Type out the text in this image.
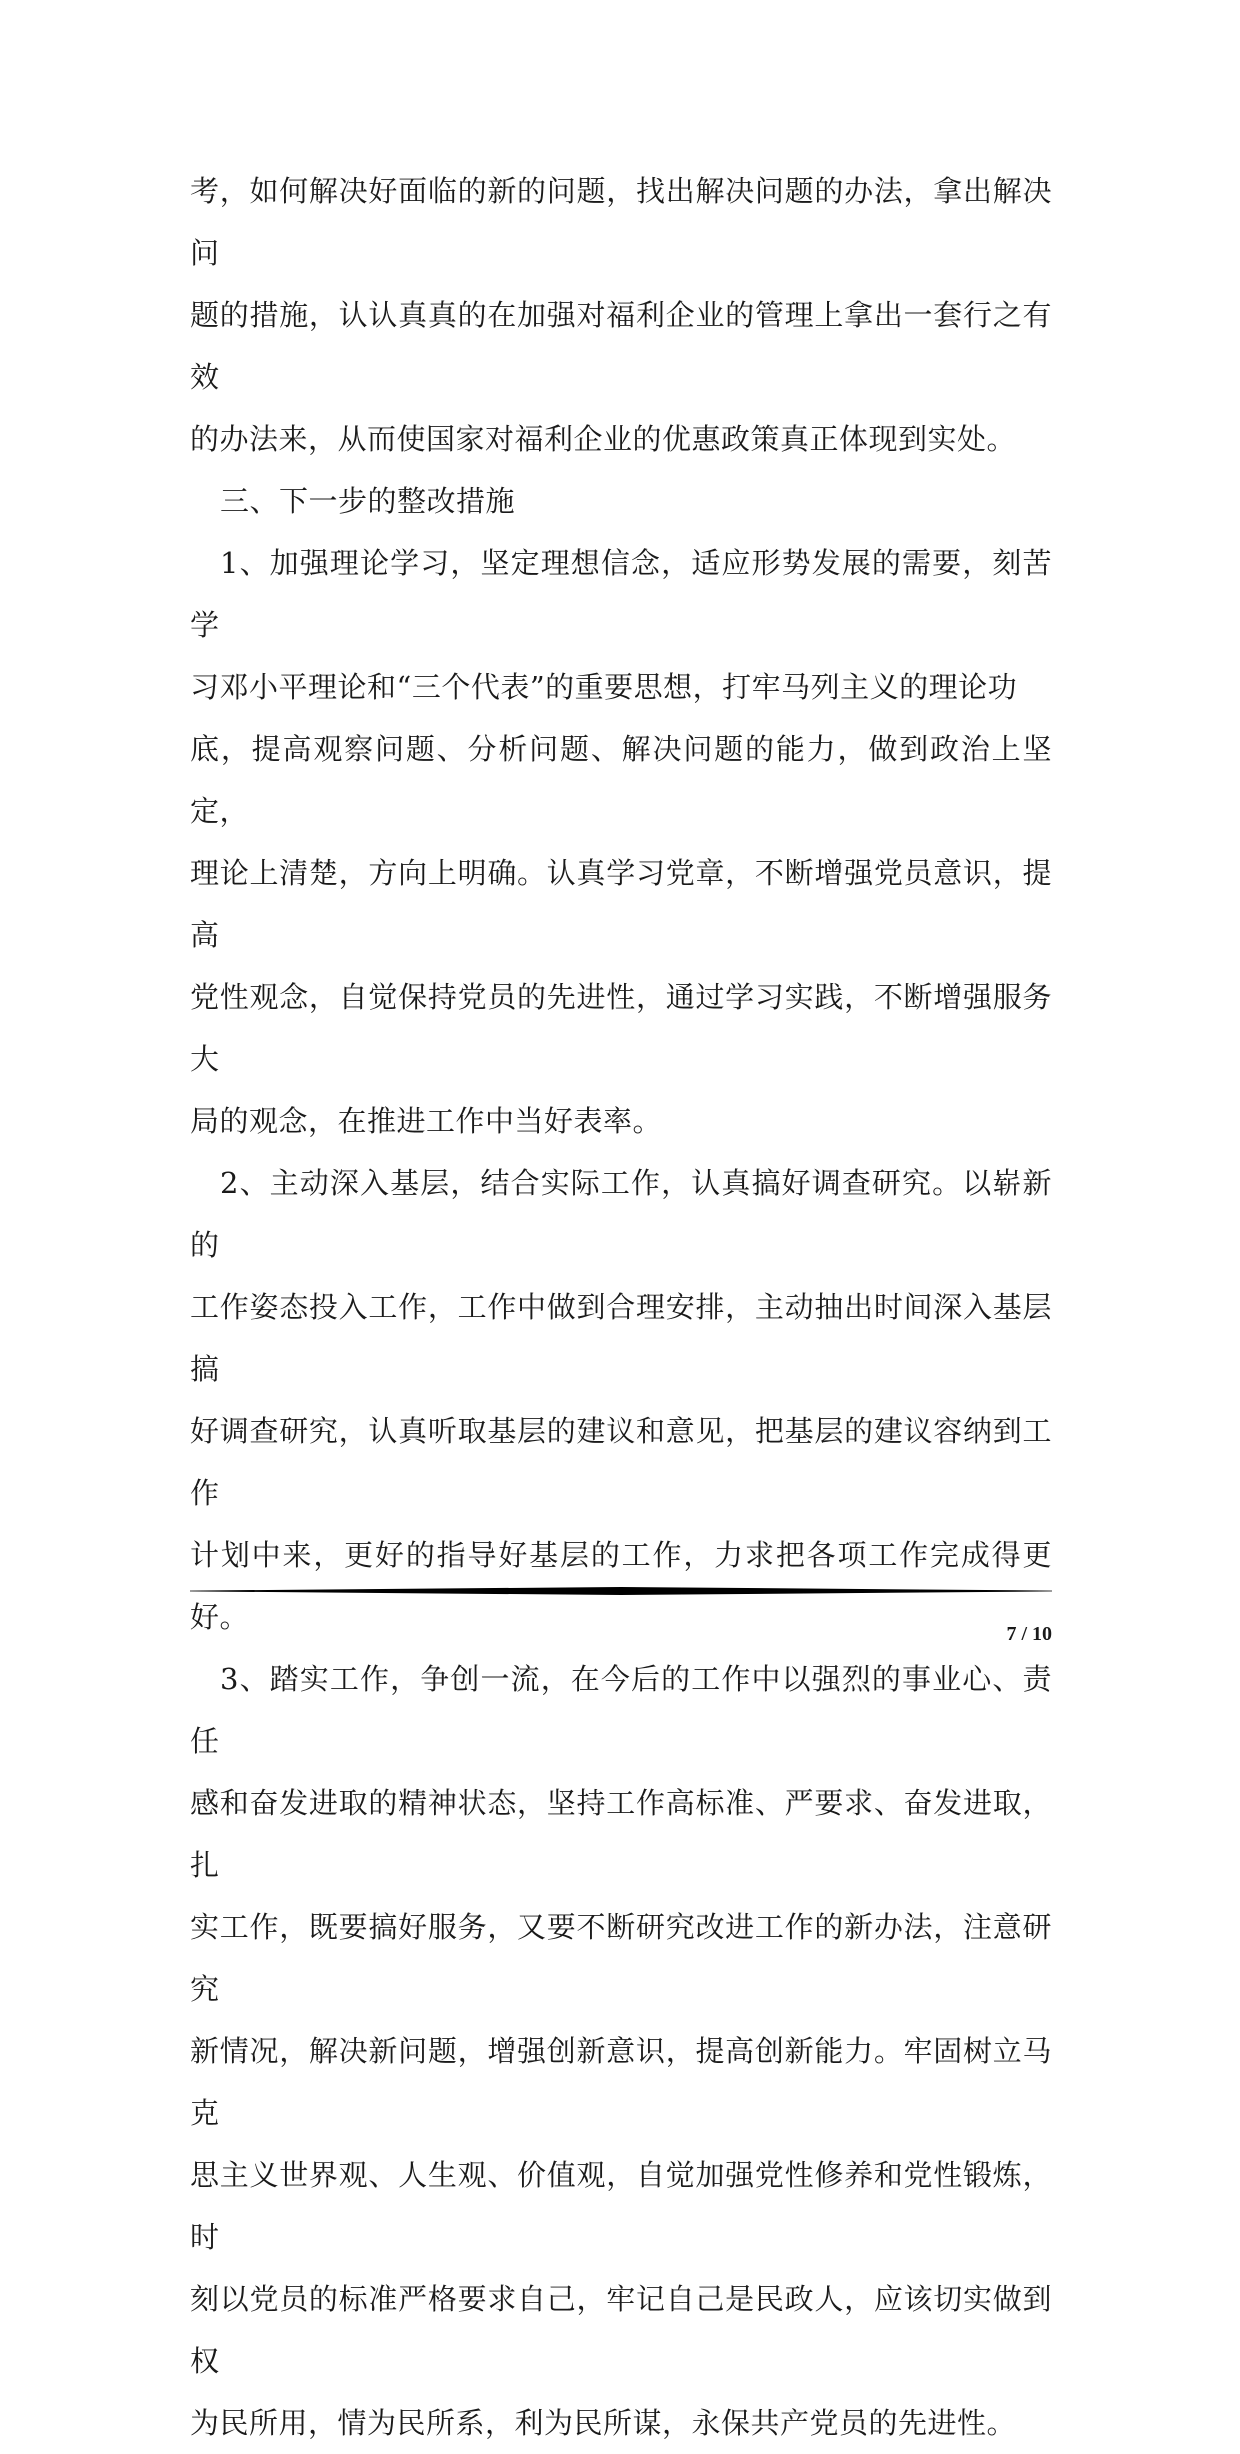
考，如何解决好面临的新的问题，找出解决问题的办法，拿出解决问

题的措施，认认真真的在加强对福利企业的管理上拿出一套行之有效

的办法来，从而使国家对福利企业的优惠政策真正体现到实处。

三、下一步的整改措施

1、加强理论学习，坚定理想信念，适应形势发展的需要，刻苦学

习邓小平理论和“三个代表”的重要思想，打牢马列主义的理论功

底，提高观察问题、分析问题、解决问题的能力，做到政治上坚定，

理论上清楚，方向上明确。认真学习党章，不断增强党员意识，提高

党性观念，自觉保持党员的先进性，通过学习实践，不断增强服务大

局的观念，在推进工作中当好表率。

2、主动深入基层，结合实际工作，认真搞好调查研究。以崭新的

工作姿态投入工作，工作中做到合理安排，主动抽出时间深入基层搞

好调查研究，认真听取基层的建议和意见，把基层的建议容纳到工作

计划中来，更好的指导好基层的工作，力求把各项工作完成得更好。

3、踏实工作，争创一流，在今后的工作中以强烈的事业心、责任

感和奋发进取的精神状态，坚持工作高标准、严要求、奋发进取，扎

实工作，既要搞好服务，又要不断研究改进工作的新办法，注意研究

新情况，解决新问题，增强创新意识，提高创新能力。牢固树立马克

思主义世界观、人生观、价值观，自觉加强党性修养和党性锻炼，时

刻以党员的标准严格要求自己，牢记自己是民政人，应该切实做到权

为民所用，情为民所系，利为民所谋，永保共产党员的先进性。

7 / 10
